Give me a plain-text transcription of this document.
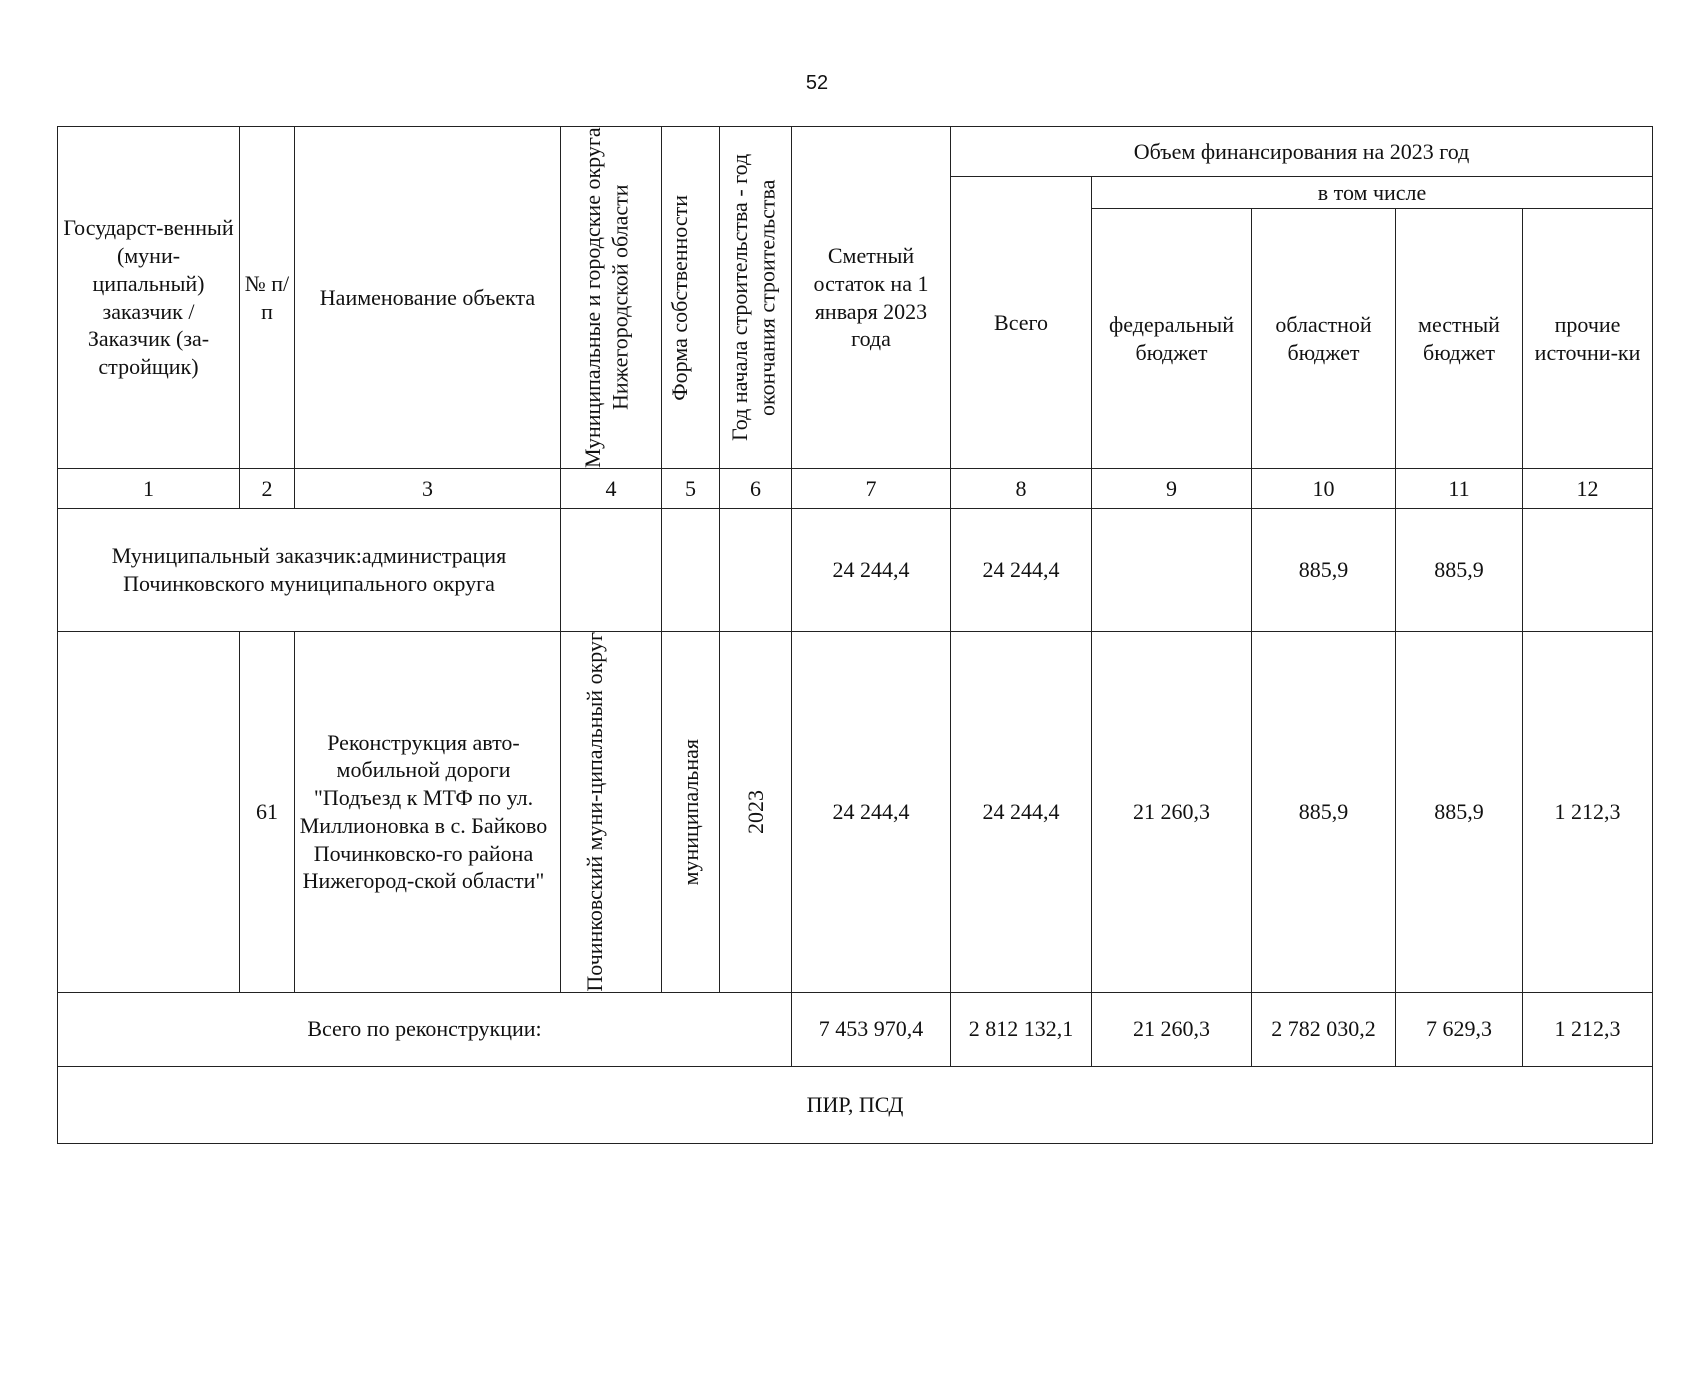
52
Государст-венный (муни-ципальный) заказчик / Заказчик (за-стройщик)	№ п/п	Наименование объекта	Муниципальные и городские округа Нижегородской области	Форма собственности	Год начала строительства - год окончания строительства	Сметный остаток на 1 января 2023 года	Объем финансирования на 2023 год				
							Всего	в том числе			
								федеральный бюджет	областной бюджет	местный бюджет	прочие источни-ки
1	2	3	4	5	6	7	8	9	10	11	12
Муниципальный заказчик:администрация Починковского муниципального округа						24 244,4	24 244,4		885,9	885,9	
	61	Реконструкция авто-мобильной дороги "Подъезд к МТФ по ул. Миллионовка в с. Байково Починковско-го района Нижегород-ской области"	Починковский муни-ципальный округ	муниципальная	2023	24 244,4	24 244,4	21 260,3	885,9	885,9	1 212,3
Всего по реконструкции:						7 453 970,4	2 812 132,1	21 260,3	2 782 030,2	7 629,3	1 212,3
ПИР, ПСД											
